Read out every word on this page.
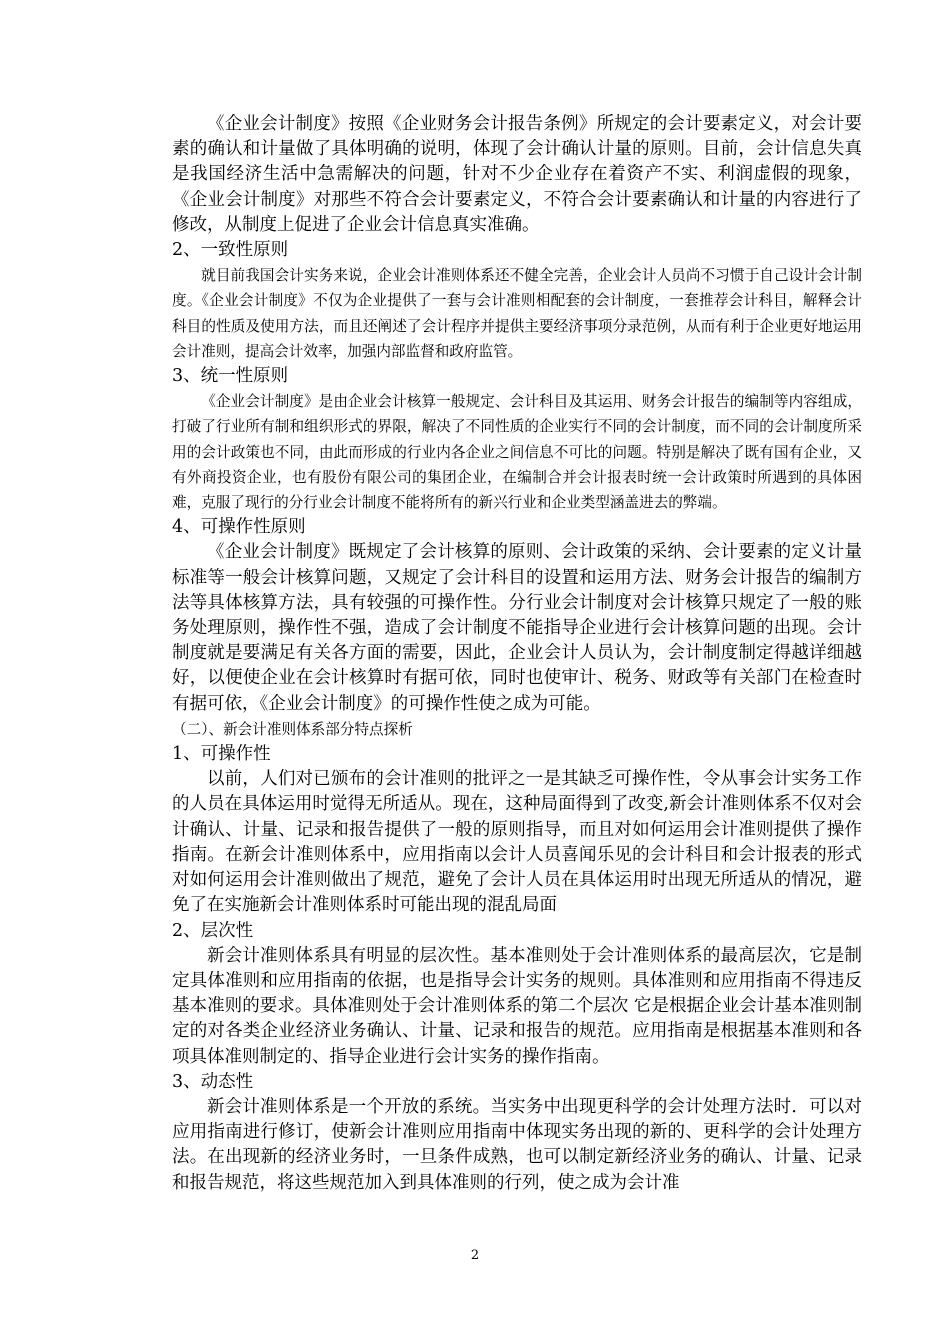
《企业会计制度》按照《企业财务会计报告条例》所规定的会计要素定义，对会计要素的确认和计量做了具体明确的说明，体现了会计确认计量的原则。目前，会计信息失真是我国经济生活中急需解决的问题，针对不少企业存在着资产不实、利润虚假的现象，《企业会计制度》对那些不符合会计要素定义，不符合会计要素确认和计量的内容进行了修改，从制度上促进了企业会计信息真实准确。

2、一致性原则

就目前我国会计实务来说，企业会计准则体系还不健全完善，企业会计人员尚不习惯于自己设计会计制度。《企业会计制度》不仅为企业提供了一套与会计准则相配套的会计制度，一套推荐会计科目，解释会计科目的性质及使用方法，而且还阐述了会计程序并提供主要经济事项分录范例，从而有利于企业更好地运用会计准则，提高会计效率，加强内部监督和政府监管。

3、统一性原则

《企业会计制度》是由企业会计核算一般规定、会计科目及其运用、财务会计报告的编制等内容组成，打破了行业所有制和组织形式的界限，解决了不同性质的企业实行不同的会计制度，而不同的会计制度所采用的会计政策也不同，由此而形成的行业内各企业之间信息不可比的问题。特别是解决了既有国有企业，又有外商投资企业，也有股份有限公司的集团企业，在编制合并会计报表时统一会计政策时所遇到的具体困难，克服了现行的分行业会计制度不能将所有的新兴行业和企业类型涵盖进去的弊端。

4、可操作性原则

《企业会计制度》既规定了会计核算的原则、会计政策的采纳、会计要素的定义计量标准等一般会计核算问题，又规定了会计科目的设置和运用方法、财务会计报告的编制方法等具体核算方法，具有较强的可操作性。分行业会计制度对会计核算只规定了一般的账务处理原则，操作性不强，造成了会计制度不能指导企业进行会计核算问题的出现。会计制度就是要满足有关各方面的需要，因此，企业会计人员认为，会计制度制定得越详细越好，以便使企业在会计核算时有据可依，同时也使审计、税务、财政等有关部门在检查时有据可依，《企业会计制度》的可操作性使之成为可能。

（二）、新会计准则体系部分特点探析

1、可操作性

以前，人们对已颁布的会计准则的批评之一是其缺乏可操作性，令从事会计实务工作的人员在具体运用时觉得无所适从。现在，这种局面得到了改变,新会计准则体系不仅对会计确认、计量、记录和报告提供了一般的原则指导，而且对如何运用会计准则提供了操作指南。在新会计准则体系中，应用指南以会计人员喜闻乐见的会计科目和会计报表的形式对如何运用会计准则做出了规范，避免了会计人员在具体运用时出现无所适从的情况，避免了在实施新会计准则体系时可能出现的混乱局面

2、层次性

新会计准则体系具有明显的层次性。基本准则处于会计准则体系的最高层次，它是制定具体准则和应用指南的依据，也是指导会计实务的规则。具体准则和应用指南不得违反基本准则的要求。具体准则处于会计准则体系的第二个层次 它是根据企业会计基本准则制定的对各类企业经济业务确认、计量、记录和报告的规范。应用指南是根据基本准则和各项具体准则制定的、指导企业进行会计实务的操作指南。

3、动态性

新会计准则体系是一个开放的系统。当实务中出现更科学的会计处理方法时．可以对应用指南进行修订，使新会计准则应用指南中体现实务出现的新的、更科学的会计处理方法。在出现新的经济业务时，一旦条件成熟，也可以制定新经济业务的确认、计量、记录和报告规范，将这些规范加入到具体准则的行列，使之成为会计准

2
